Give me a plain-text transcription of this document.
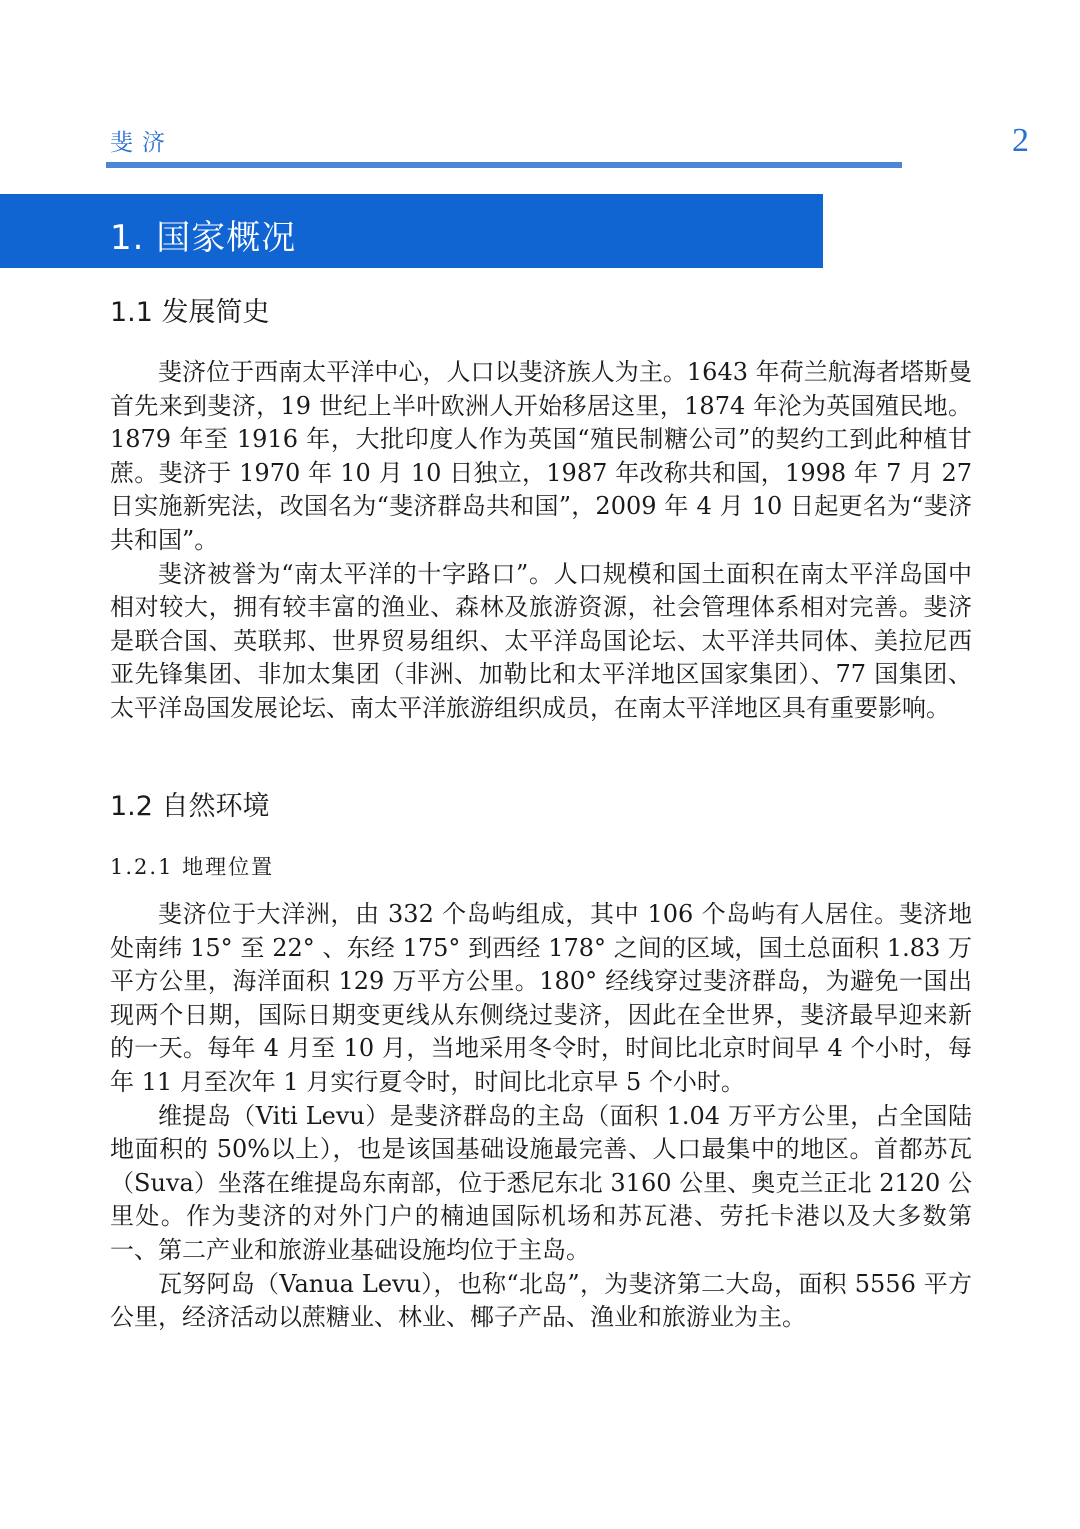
斐济	2
1. 国家概况
1.1 发展简史

斐济位于西南太平洋中心，人口以斐济族人为主。1643 年荷兰航海者塔斯曼首先来到斐济，19 世纪上半叶欧洲人开始移居这里，1874 年沦为英国殖民地。1879 年至 1916 年，大批印度人作为英国“殖民制糖公司”的契约工到此种植甘蔗。斐济于 1970 年 10 月 10 日独立，1987 年改称共和国，1998 年 7 月 27 日实施新宪法，改国名为“斐济群岛共和国”，2009 年 4 月 10 日起更名为“斐济共和国”。

斐济被誉为“南太平洋的十字路口”。人口规模和国土面积在南太平洋岛国中相对较大，拥有较丰富的渔业、森林及旅游资源，社会管理体系相对完善。斐济是联合国、英联邦、世界贸易组织、太平洋岛国论坛、太平洋共同体、美拉尼西亚先锋集团、非加太集团（非洲、加勒比和太平洋地区国家集团）、77 国集团、太平洋岛国发展论坛、南太平洋旅游组织成员，在南太平洋地区具有重要影响。

1.2 自然环境
1.2.1 地理位置

斐济位于大洋洲，由 332 个岛屿组成，其中 106 个岛屿有人居住。斐济地处南纬 15° 至 22° 、东经 175° 到西经 178° 之间的区域，国土总面积 1.83 万平方公里，海洋面积 129 万平方公里。180° 经线穿过斐济群岛，为避免一国出现两个日期，国际日期变更线从东侧绕过斐济，因此在全世界，斐济最早迎来新的一天。每年 4 月至 10 月，当地采用冬令时，时间比北京时间早 4 个小时，每年 11 月至次年 1 月实行夏令时，时间比北京早 5 个小时。

维提岛（Viti Levu）是斐济群岛的主岛（面积 1.04 万平方公里，占全国陆地面积的 50%以上），也是该国基础设施最完善、人口最集中的地区。首都苏瓦（Suva）坐落在维提岛东南部，位于悉尼东北 3160 公里、奥克兰正北 2120 公里处。作为斐济的对外门户的楠迪国际机场和苏瓦港、劳托卡港以及大多数第一、第二产业和旅游业基础设施均位于主岛。

瓦努阿岛（Vanua Levu），也称“北岛”，为斐济第二大岛，面积 5556 平方公里，经济活动以蔗糖业、林业、椰子产品、渔业和旅游业为主。
